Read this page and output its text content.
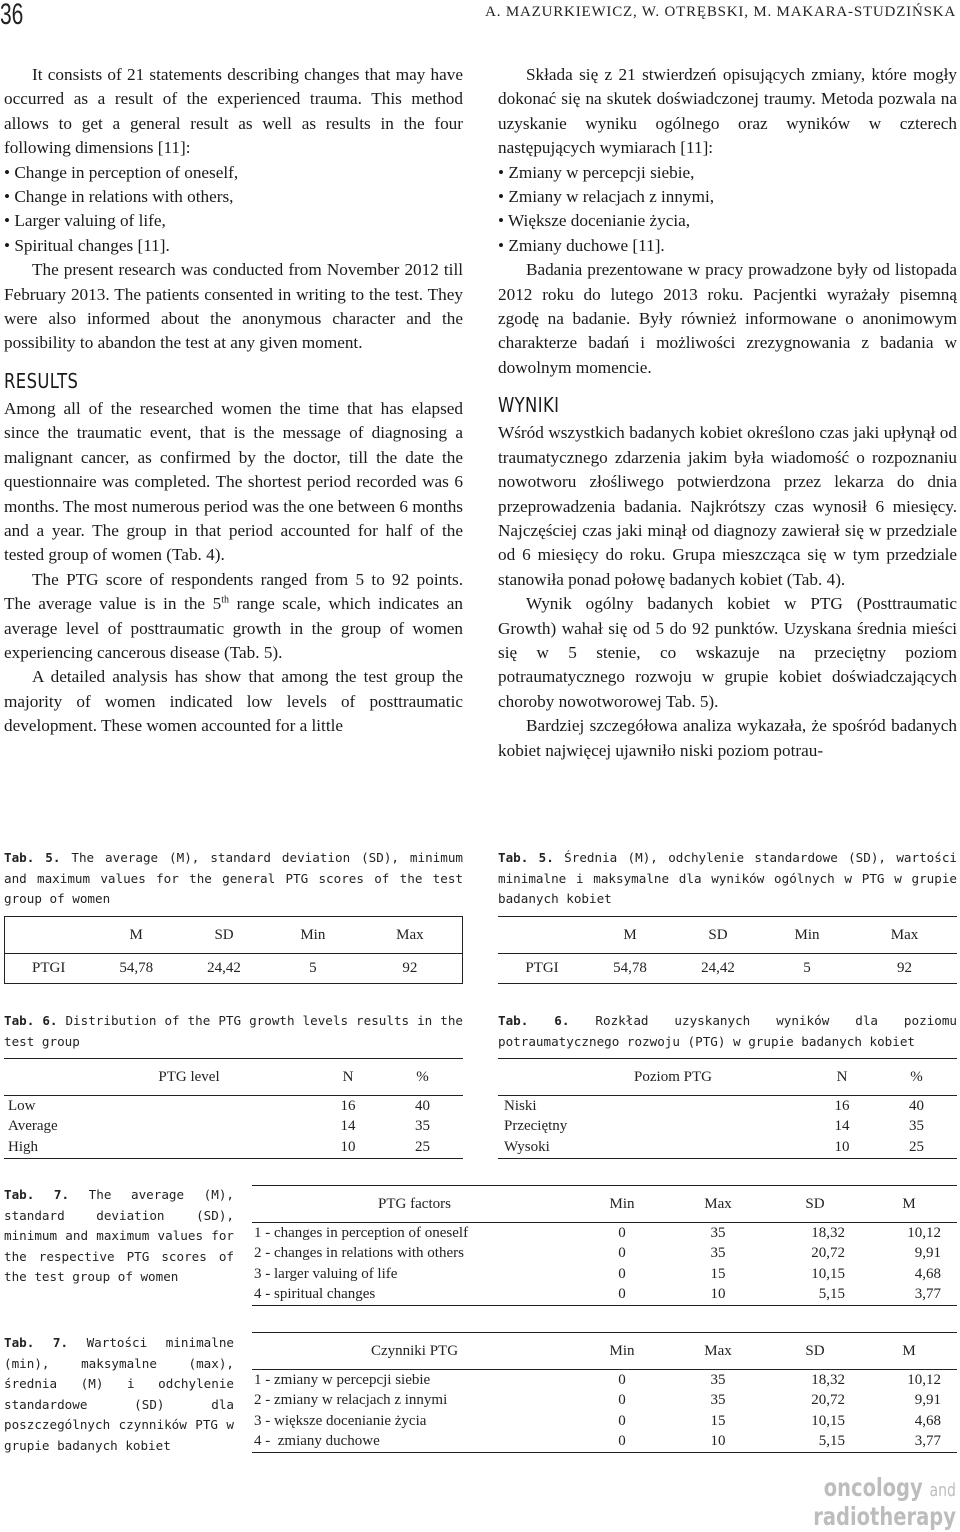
36	A. MAZURKIEWICZ, W. OTRĘBSKI, M. MAKARA-STUDZIŃSKA

It consists of 21 statements describing changes that may have occurred as a result of the experienced trauma. This method allows to get a general result as well as results in the four following dimensions [11]:

• Change in perception of oneself,

• Change in relations with others,

• Larger valuing of life,

• Spiritual changes [11].

The present research was conducted from November 2012 till February 2013. The patients consented in writing to the test. They were also informed about the anonymous character and the possibility to abandon the test at any given moment.

RESULTS

Among all of the researched women the time that has elapsed since the traumatic event, that is the message of diagnosing a malignant cancer, as confirmed by the doctor, till the date the questionnaire was completed. The shortest period recorded was 6 months. The most numerous period was the one between 6 months and a year. The group in that period accounted for half of the tested group of women (Tab. 4).

The PTG score of respondents ranged from 5 to 92 points. The average value is in the 5th range scale, which indicates an average level of posttraumatic growth in the group of women experiencing cancerous disease (Tab. 5).

A detailed analysis has show that among the test group the majority of women indicated low levels of posttraumatic development. These women accounted for a little

Składa się z 21 stwierdzeń opisujących zmiany, które mogły dokonać się na skutek doświadczonej traumy. Metoda pozwala na uzyskanie wyniku ogólnego oraz wyników w czterech następujących wymiarach [11]:

• Zmiany w percepcji siebie,

• Zmiany w relacjach z innymi,

• Większe docenianie życia,

• Zmiany duchowe [11].

Badania prezentowane w pracy prowadzone były od listopada 2012 roku do lutego 2013 roku. Pacjentki wyrażały pisemną zgodę na badanie. Były również informowane o anonimowym charakterze badań i możliwości zrezygnowania z badania w dowolnym momencie.

WYNIKI

Wśród wszystkich badanych kobiet określono czas jaki upłynął od traumatycznego zdarzenia jakim była wiadomość o rozpoznaniu nowotworu złośliwego potwierdzona przez lekarza do dnia przeprowadzenia badania. Najkrótszy czas wynosił 6 miesięcy. Najczęściej czas jaki minął od diagnozy zawierał się w przedziale od 6 miesięcy do roku. Grupa mieszcząca się w tym przedziale stanowiła ponad połowę badanych kobiet (Tab. 4).

Wynik ogólny badanych kobiet w PTG (Posttraumatic Growth) wahał się od 5 do 92 punktów. Uzyskana średnia mieści się w 5 stenie, co wskazuje na przeciętny poziom potraumatycznego rozwoju w grupie kobiet doświadczających choroby nowotworowej Tab. 5).

Bardziej szczegółowa analiza wykazała, że spośród badanych kobiet najwięcej ujawniło niski poziom potrau-

Tab. 5. The average (M), standard deviation (SD), minimum and maximum values for the general PTG scores of the test group of women
	M	SD	Min	Max
PTGI	54,78	24,42	5	92
Tab. 5. Średnia (M), odchylenie standardowe (SD), wartości minimalne i maksymalne dla wyników ogólnych w PTG w grupie badanych kobiet
	M	SD	Min	Max
PTGI	54,78	24,42	5	92
Tab. 6. Distribution of the PTG growth levels results in the test group
PTG level	N	%
Low	16	40
Average	14	35
High	10	25
Tab. 6. Rozkład uzyskanych wyników dla poziomu potraumatycznego rozwoju (PTG) w grupie badanych kobiet
Poziom PTG	N	%
Niski	16	40
Przeciętny	14	35
Wysoki	10	25
Tab. 7. The average (M), standard deviation (SD), minimum and maximum values for the respective PTG scores of the test group of women
PTG factors	Min	Max	SD	M
1 - changes in perception of oneself	0	35	18,32	10,12
2 - changes in relations with others	0	35	20,72	9,91
3 - larger valuing of life	0	15	10,15	4,68
4 - spiritual changes	0	10	5,15	3,77
Tab. 7. Wartości minimalne (min), maksymalne (max), średnia (M) i odchylenie standardowe (SD) dla poszczególnych czynników PTG w grupie badanych kobiet
Czynniki PTG	Min	Max	SD	M
1 - zmiany w percepcji siebie	0	35	18,32	10,12
2 - zmiany w relacjach z innymi	0	35	20,72	9,91
3 - większe docenianie życia	0	15	10,15	4,68
4 -  zmiany duchowe	0	10	5,15	3,77
oncology and
radiotherapy
